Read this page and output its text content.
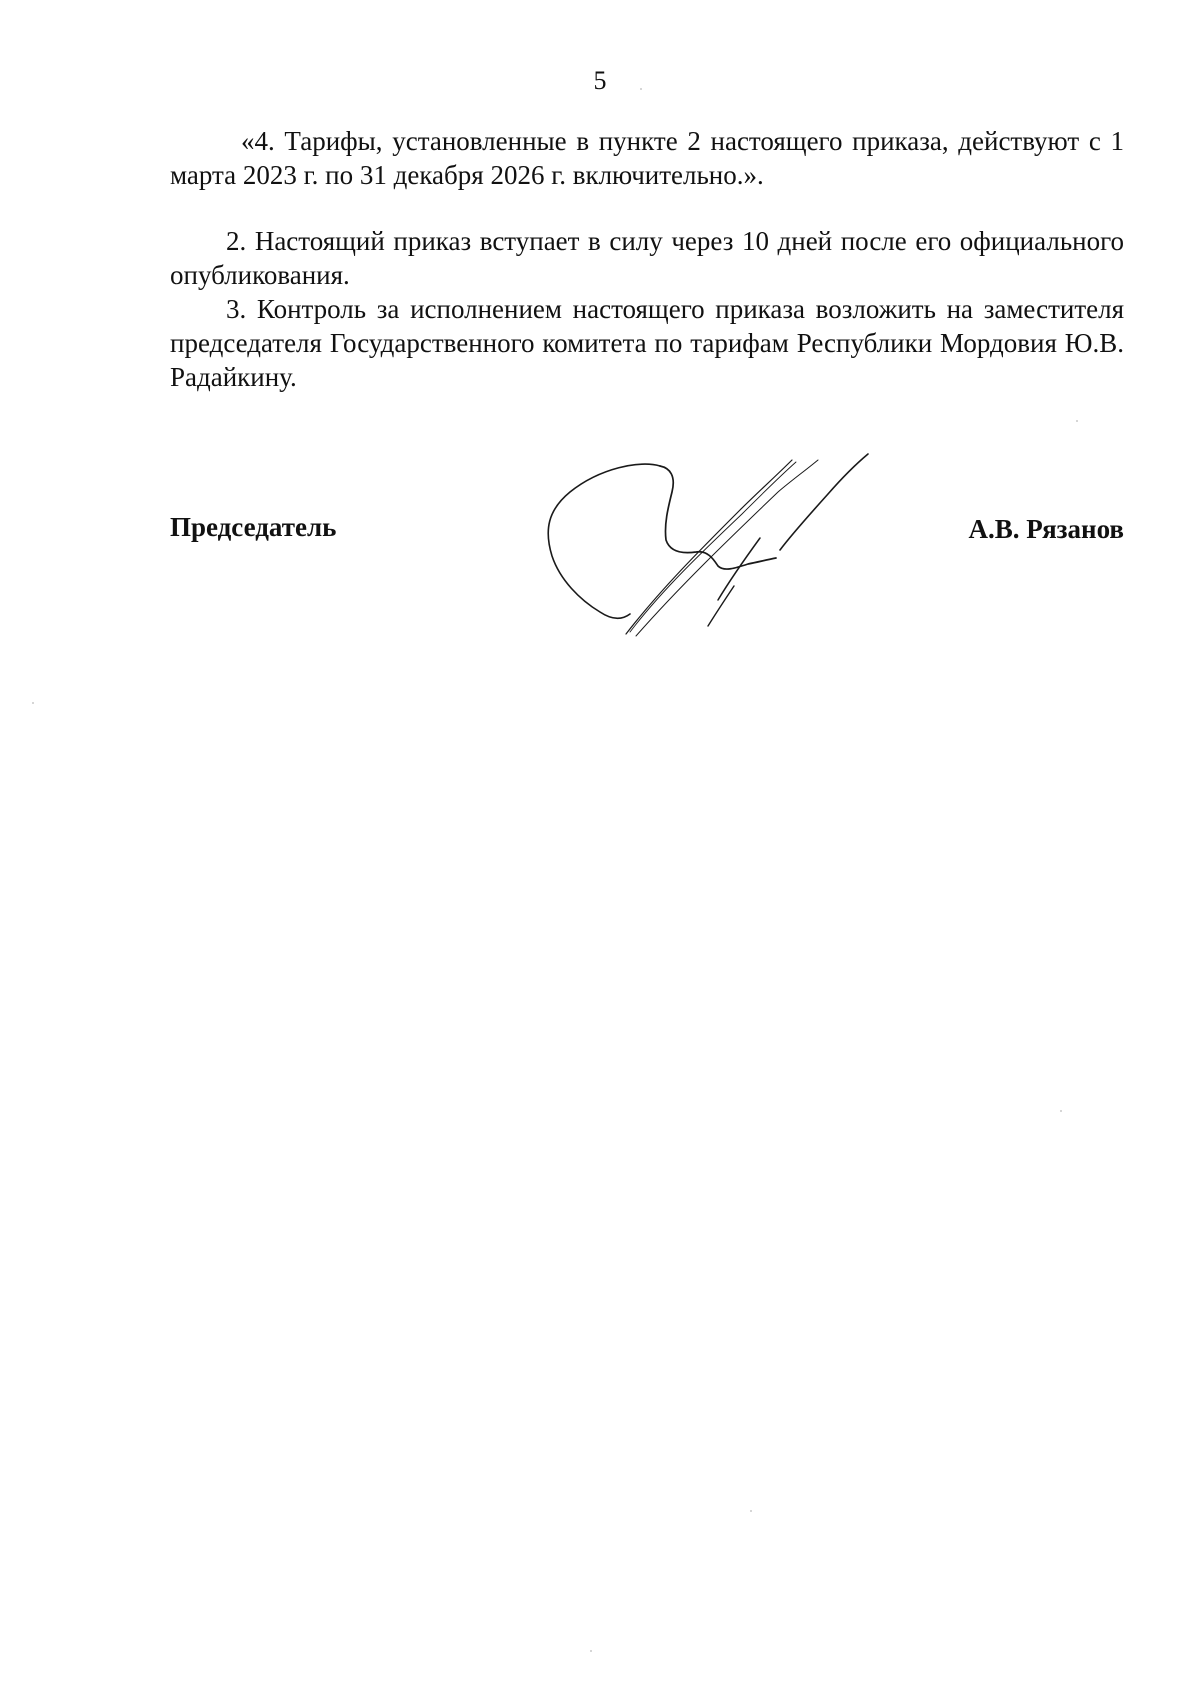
5

«4. Тарифы, установленные в пункте 2 настоящего приказа, действуют с 1 марта 2023 г. по 31 декабря 2026 г. включительно.».

2. Настоящий приказ вступает в силу через 10 дней после его официального опубликования.

3. Контроль за исполнением настоящего приказа возложить на заместителя председателя Государственного комитета по тарифам Республики Мордовия Ю.В. Радайкину.

Председатель	А.В. Рязанов
